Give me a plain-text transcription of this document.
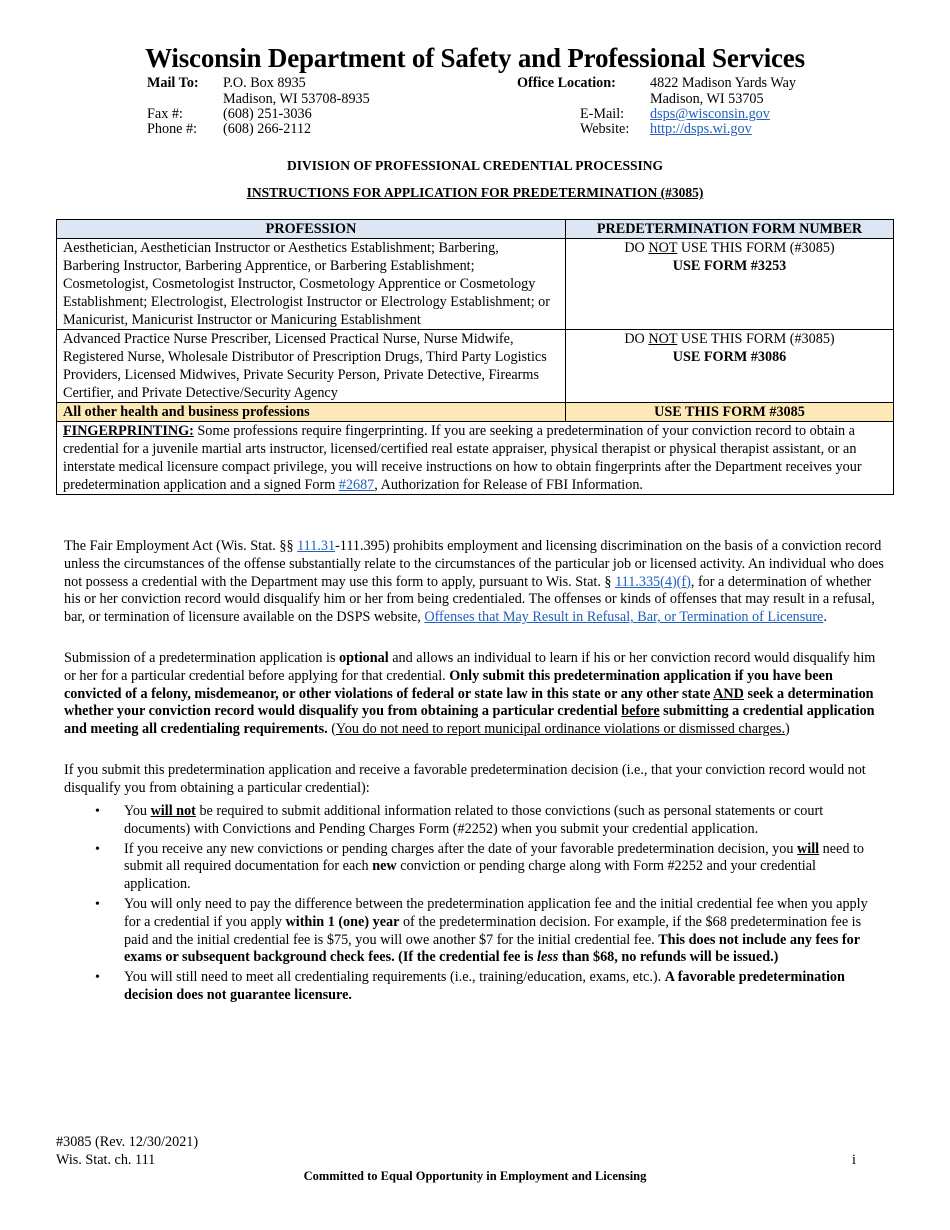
Wisconsin Department of Safety and Professional Services
Mail To: P.O. Box 8935
Madison, WI 53708-8935
Fax #:	(608) 251-3036
Phone #: (608) 266-2112
Office Location: 4822 Madison Yards Way
Madison, WI 53705
E-Mail: dsps@wisconsin.gov
Website: http://dsps.wi.gov
DIVISION OF PROFESSIONAL CREDENTIAL PROCESSING
INSTRUCTIONS FOR APPLICATION FOR PREDETERMINATION (#3085)
PROFESSION	PREDETERMINATION FORM NUMBER
Aesthetician, Aesthetician Instructor or Aesthetics Establishment; Barbering, Barbering Instructor, Barbering Apprentice, or Barbering Establishment; Cosmetologist, Cosmetologist Instructor, Cosmetology Apprentice or Cosmetology Establishment; Electrologist, Electrologist Instructor or Electrology Establishment; or Manicurist, Manicurist Instructor or Manicuring Establishment	DO NOT USE THIS FORM (#3085)
USE FORM #3253
Advanced Practice Nurse Prescriber, Licensed Practical Nurse, Nurse Midwife, Registered Nurse, Wholesale Distributor of Prescription Drugs, Third Party Logistics Providers, Licensed Midwives, Private Security Person, Private Detective, Firearms Certifier, and Private Detective/Security Agency	DO NOT USE THIS FORM (#3085)
USE FORM #3086
All other health and business professions	USE THIS FORM #3085
FINGERPRINTING: Some professions require fingerprinting. If you are seeking a predetermination of your conviction record to obtain a credential for a juvenile martial arts instructor, licensed/certified real estate appraiser, physical therapist or physical therapist assistant, or an interstate medical licensure compact privilege, you will receive instructions on how to obtain fingerprints after the Department receives your predetermination application and a signed Form #2687, Authorization for Release of FBI Information.	

The Fair Employment Act (Wis. Stat. §§ 111.31-111.395) prohibits employment and licensing discrimination on the basis of a conviction record unless the circumstances of the offense substantially relate to the circumstances of the particular job or licensed activity. An individual who does not possess a credential with the Department may use this form to apply, pursuant to Wis. Stat. § 111.335(4)(f), for a determination of whether his or her conviction record would disqualify him or her from being credentialed. The offenses or kinds of offenses that may result in a refusal, bar, or termination of licensure available on the DSPS website, Offenses that May Result in Refusal, Bar, or Termination of Licensure.

Submission of a predetermination application is optional and allows an individual to learn if his or her conviction record would disqualify him or her for a particular credential before applying for that credential. Only submit this predetermination application if you have been convicted of a felony, misdemeanor, or other violations of federal or state law in this state or any other state AND seek a determination whether your conviction record would disqualify you from obtaining a particular credential before submitting a credential application and meeting all credentialing requirements. (You do not need to report municipal ordinance violations or dismissed charges.)

If you submit this predetermination application and receive a favorable predetermination decision (i.e., that your conviction record would not disqualify you from obtaining a particular credential):

• You will not be required to submit additional information related to those convictions (such as personal statements or court documents) with Convictions and Pending Charges Form (#2252) when you submit your credential application.
• If you receive any new convictions or pending charges after the date of your favorable predetermination decision, you will need to submit all required documentation for each new conviction or pending charge along with Form #2252 and your credential application.
• You will only need to pay the difference between the predetermination application fee and the initial credential fee when you apply for a credential if you apply within 1 (one) year of the predetermination decision. For example, if the $68 predetermination fee is paid and the initial credential fee is $75, you will owe another $7 for the initial credential fee. This does not include any fees for exams or subsequent background check fees. (If the credential fee is less than $68, no refunds will be issued.)
• You will still need to meet all credentialing requirements (i.e., training/education, exams, etc.). A favorable predetermination decision does not guarantee licensure.
#3085 (Rev. 12/30/2021)
Wis. Stat. ch. 111	i
Committed to Equal Opportunity in Employment and Licensing
